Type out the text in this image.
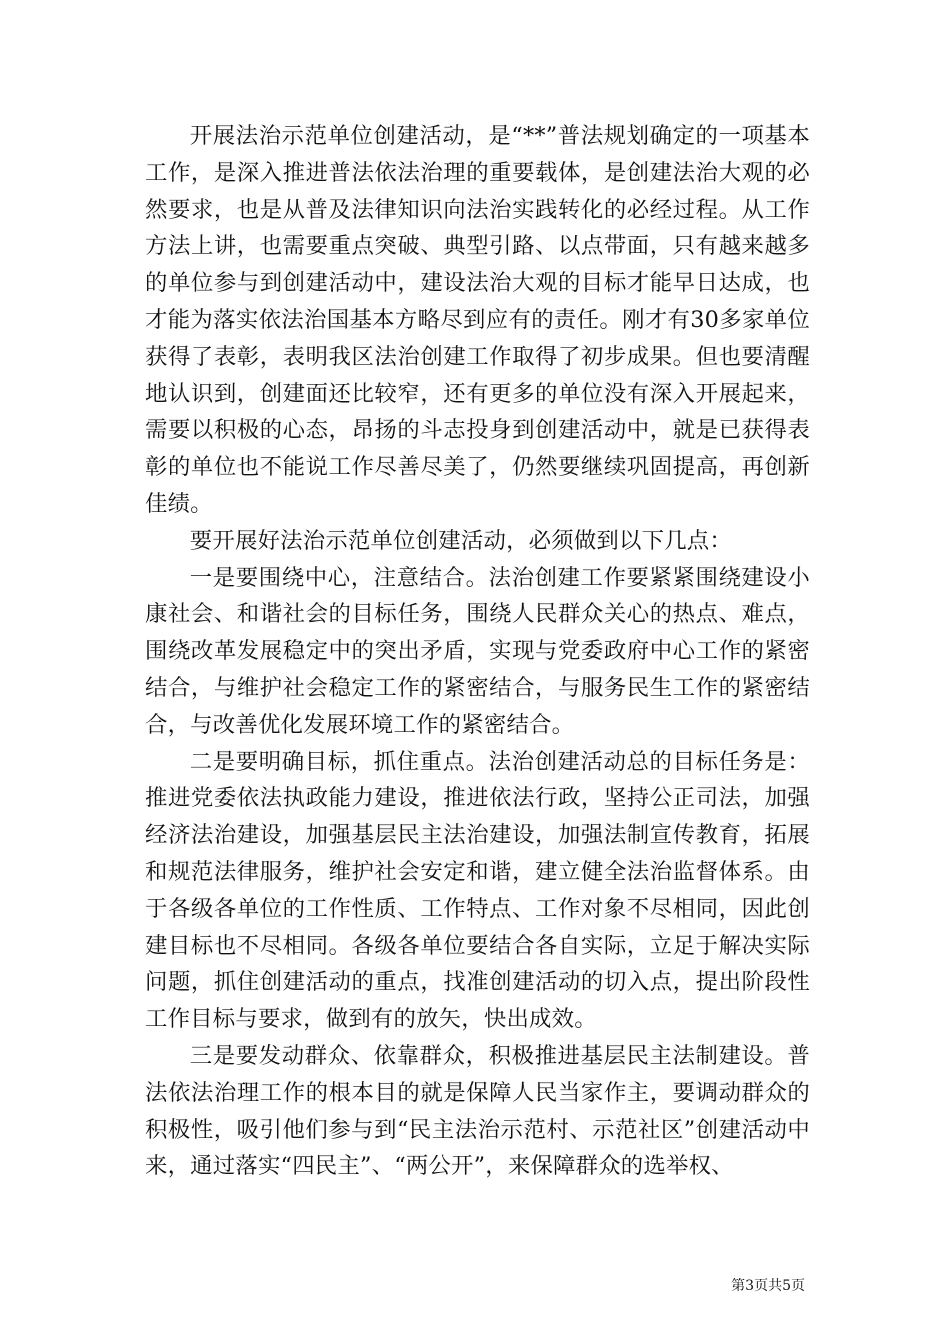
开展法治示范单位创建活动，是“**”普法规划确定的一项基本工作，是深入推进普法依法治理的重要载体，是创建法治大观的必然要求，也是从普及法律知识向法治实践转化的必经过程。从工作方法上讲，也需要重点突破、典型引路、以点带面，只有越来越多的单位参与到创建活动中，建设法治大观的目标才能早日达成，也才能为落实依法治国基本方略尽到应有的责任。刚才有30多家单位获得了表彰，表明我区法治创建工作取得了初步成果。但也要清醒地认识到，创建面还比较窄，还有更多的单位没有深入开展起来，需要以积极的心态，昂扬的斗志投身到创建活动中，就是已获得表彰的单位也不能说工作尽善尽美了，仍然要继续巩固提高，再创新佳绩。

要开展好法治示范单位创建活动，必须做到以下几点：

一是要围绕中心，注意结合。法治创建工作要紧紧围绕建设小康社会、和谐社会的目标任务，围绕人民群众关心的热点、难点，围绕改革发展稳定中的突出矛盾，实现与党委政府中心工作的紧密结合，与维护社会稳定工作的紧密结合，与服务民生工作的紧密结合，与改善优化发展环境工作的紧密结合。

二是要明确目标，抓住重点。法治创建活动总的目标任务是：推进党委依法执政能力建设，推进依法行政，坚持公正司法，加强经济法治建设，加强基层民主法治建设，加强法制宣传教育，拓展和规范法律服务，维护社会安定和谐，建立健全法治监督体系。由于各级各单位的工作性质、工作特点、工作对象不尽相同，因此创建目标也不尽相同。各级各单位要结合各自实际，立足于解决实际问题，抓住创建活动的重点，找准创建活动的切入点，提出阶段性工作目标与要求，做到有的放矢，快出成效。

三是要发动群众、依靠群众，积极推进基层民主法制建设。普法依法治理工作的根本目的就是保障人民当家作主，要调动群众的积极性，吸引他们参与到“民主法治示范村、示范社区”创建活动中来，通过落实“四民主”、“两公开”，来保障群众的选举权、

第3页共5页
